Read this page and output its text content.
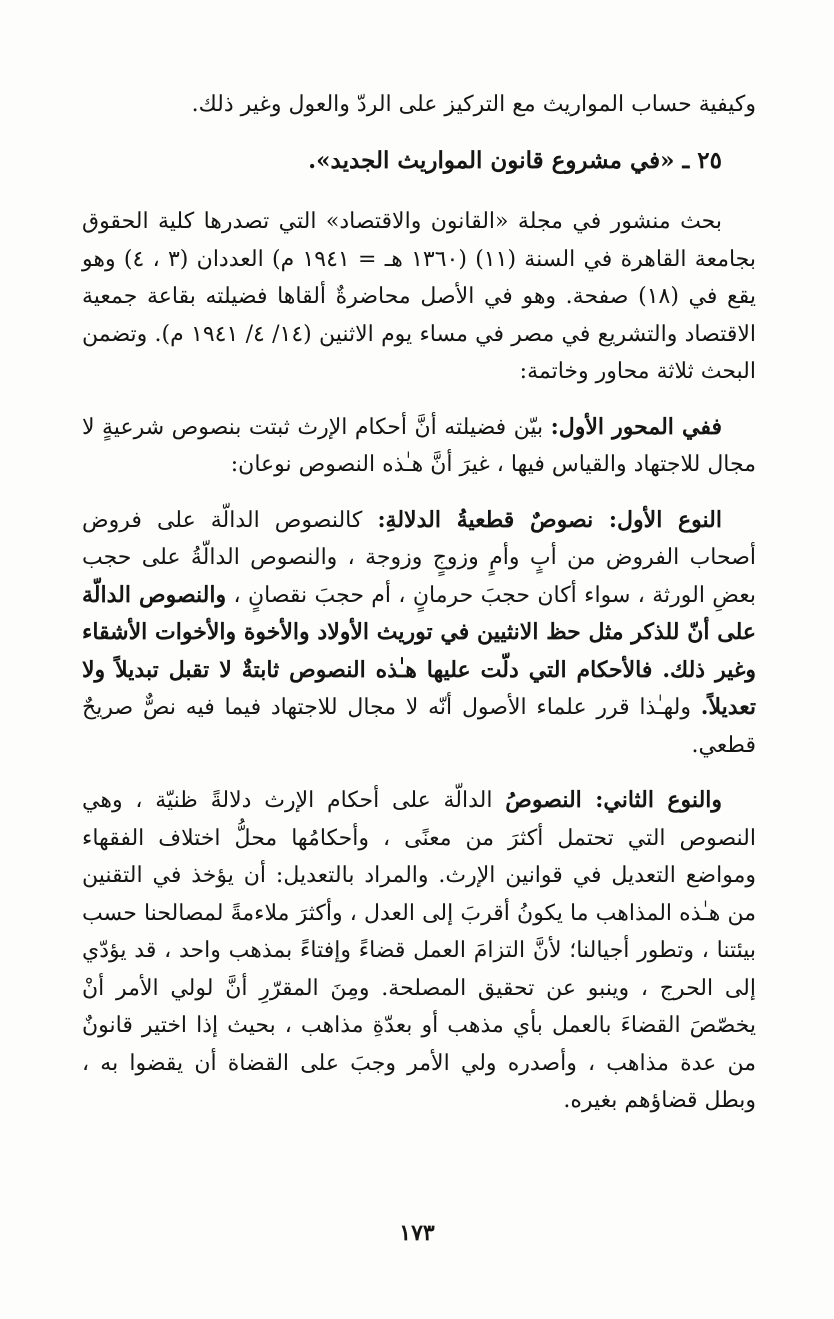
وكيفية حساب المواريث مع التركيز على الردّ والعول وغير ذلك.

٢٥ ـ «في مشروع قانون المواريث الجديد».

بحث منشور في مجلة «القانون والاقتصاد» التي تصدرها كلية الحقوق بجامعة القاهرة في السنة (١١) (١٣٦٠ هـ = ١٩٤١ م) العددان (٣ ، ٤) وهو يقع في (١٨) صفحة. وهو في الأصل محاضرةٌ ألقاها فضيلته بقاعة جمعية الاقتصاد والتشريع في مصر في مساء يوم الاثنين (١٤/ ٤/ ١٩٤١ م). وتضمن البحث ثلاثة محاور وخاتمة:

ففي المحور الأول: بيّن فضيلته أنَّ أحكام الإرث ثبتت بنصوص شرعيةٍ لا مجال للاجتهاد والقياس فيها ، غيرَ أنَّ هـٰذه النصوص نوعان:

النوع الأول: نصوصٌ قطعيةُ الدلالةِ: كالنصوص الدالّة على فروض أصحاب الفروض من أبٍ وأمٍ وزوجٍ وزوجة ، والنصوص الدالّةُ على حجب بعضِ الورثة ، سواء أكان حجبَ حرمانٍ ، أم حجبَ نقصانٍ ، والنصوص الدالّة على أنّ للذكر مثل حظ الانثيين في توريث الأولاد والأخوة والأخوات الأشقاء وغير ذلك. فالأحكام التي دلّت عليها هـٰذه النصوص ثابتةٌ لا تقبل تبديلاً ولا تعديلاً. ولهـٰذا قرر علماء الأصول أنّه لا مجال للاجتهاد فيما فيه نصٌّ صريحٌ قطعي.

والنوع الثاني: النصوصُ الدالّة على أحكام الإرث دلالةً ظنيّة ، وهي النصوص التي تحتمل أكثرَ من معنًى ، وأحكامُها محلُّ اختلاف الفقهاء ومواضع التعديل في قوانين الإرث. والمراد بالتعديل: أن يؤخذ في التقنين من هـٰذه المذاهب ما يكونُ أقربَ إلى العدل ، وأكثرَ ملاءمةً لمصالحنا حسب بيئتنا ، وتطور أجيالنا؛ لأنَّ التزامَ العمل قضاءً وإفتاءً بمذهب واحد ، قد يؤدّي إلى الحرج ، وينبو عن تحقيق المصلحة. ومِنَ المقرّرِ أنَّ لولي الأمر أنْ يخصّصَ القضاءَ بالعمل بأي مذهب أو بعدّةِ مذاهب ، بحيث إذا اختير قانونٌ من عدة مذاهب ، وأصدره ولي الأمر وجبَ على القضاة أن يقضوا به ، وبطل قضاؤهم بغيره.

١٧٣
